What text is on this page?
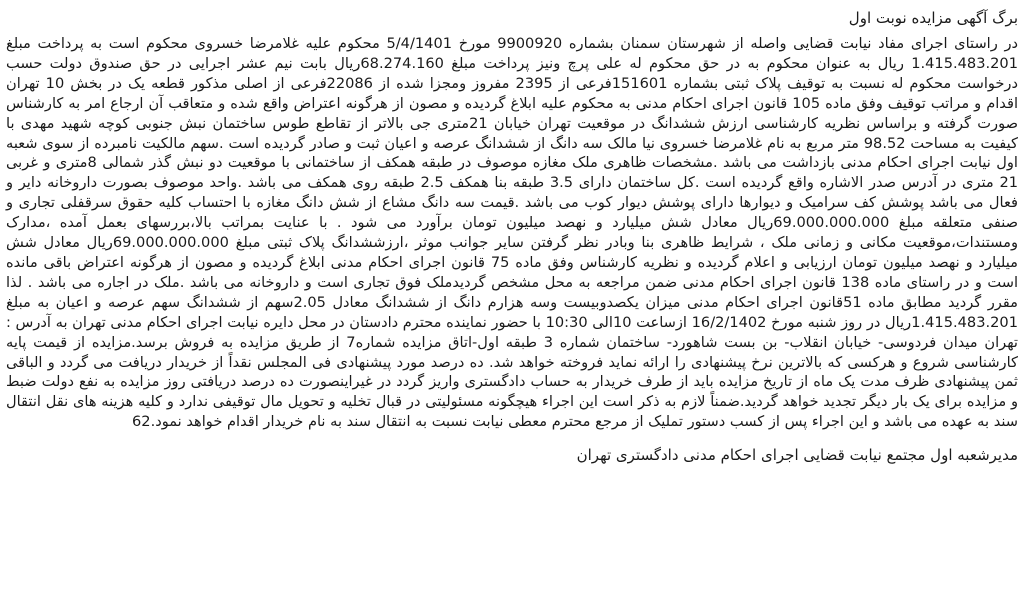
برگ آگهی مزایده نوبت اول

در راستای اجرای مفاد نیابت قضایی واصله از شهرستان سمنان بشماره 9900920 مورخ 5/4/1401 محکوم علیه غلامرضا خسروی محکوم است به پرداخت مبلغ 1.415.483.201 ریال به عنوان محکوم به در حق محکوم له علی پرچ ونیز پرداخت مبلغ 68.274.160ریال بابت نیم عشر اجرایی در حق صندوق دولت حسب درخواست محکوم له نسبت به توقیف پلاک ثبتی بشماره 151601فرعی از 2395 مفروز ومجزا شده از 22086فرعی از اصلی مذکور قطعه یک در بخش 10 تهران اقدام و مراتب توقیف وفق ماده 105 قانون اجرای احکام مدنی به محکوم علیه ابلاغ گردیده و مصون از هرگونه اعتراض واقع شده و متعاقب آن ارجاع امر به کارشناس صورت گرفته و براساس نظریه کارشناسی ارزش ششدانگ در موقعیت تهران خیابان 21متری جی بالاتر از تقاطع طوس ساختمان نبش جنوبی کوچه شهید مهدی با کیفیت به مساحت 98.52 متر مربع به نام غلامرضا خسروی نیا مالک سه دانگ از ششدانگ عرصه و اعیان ثبت و صادر گردیده است .سهم مالکیت نامبرده از سوی شعبه اول نیابت اجرای احکام مدنی بازداشت می باشد .مشخصات ظاهری ملک مغازه موصوف در طبقه همکف از ساختمانی با موقعیت دو نبش گذر شمالی 8متری و غربی 21 متری در آدرس صدر الاشاره واقع گردیده است .کل ساختمان دارای 3.5 طبقه بنا همکف 2.5 طبقه روی همکف می باشد .واحد موصوف بصورت داروخانه دایر و فعال می باشد پوشش کف سرامیک و دیوارها دارای پوشش دیوار کوب می باشد .قیمت سه دانگ مشاع از شش دانگ مغازه با احتساب کلیه حقوق سرقفلی تجاری و صنفی متعلقه مبلغ 69.000.000.000ریال معادل شش میلیارد و نهصد میلیون تومان برآورد می شود . با عنایت بمراتب بالا،بررسهای بعمل آمده ،مدارک ومستندات،موقعیت مکانی و زمانی ملک ، شرایط ظاهری بنا وبادر نظر گرفتن سایر جوانب موثر ،ارزششدانگ پلاک ثبتی مبلغ 69.000.000.000ریال معادل شش میلیارد و نهصد میلیون تومان ارزیابی و اعلام گردیده و نظریه کارشناس وفق ماده 75 قانون اجرای احکام مدنی ابلاغ گردیده و مصون از هرگونه اعتراض باقی مانده است و در راستای ماده 138 قانون اجرای احکام مدنی ضمن مراجعه به محل مشخص گردیدملک فوق تجاری است و داروخانه می باشد .ملک در اجاره می باشد . لذا مقرر گردید مطابق ماده 51قانون اجرای احکام مدنی میزان یکصدوبیست وسه هزارم دانگ از ششدانگ معادل 2.05سهم از ششدانگ سهم عرصه و اعیان به مبلغ 1.415.483.201ریال در روز شنبه مورخ 16/2/1402 ازساعت 10الی 10:30 با حضور نماینده محترم دادستان در محل دایره نیابت اجرای احکام مدنی تهران به آدرس : تهران میدان فردوسی- خیابان انقلاب- بن بست شاهورد- ساختمان شماره 3 طبقه اول-اتاق مزایده شماره7 از طریق مزایده به فروش برسد.مزایده از قیمت پایه کارشناسی شروع و هرکسی که بالاترین نرخ پیشنهادی را ارائه نماید فروخته خواهد شد. ده درصد مورد پیشنهادی فی المجلس نقداً از خریدار دریافت می گردد و الباقی ثمن پیشنهادی ظرف مدت یک ماه از تاریخ مزایده باید از طرف خریدار به حساب دادگستری واریز گردد در غیراینصورت ده درصد دریافتی روز مزایده به نفع دولت ضبط و مزایده برای یک بار دیگر تجدید خواهد گردید.ضمناً لازم به ذکر است این اجراء هیچگونه مسئولیتی در قبال تخلیه و تحویل مال توقیفی ندارد و کلیه هزینه های نقل انتقال سند به عهده می باشد و این اجراء پس از کسب دستور تملیک از مرجع محترم معطی نیابت نسبت به انتقال سند به نام خریدار اقدام خواهد نمود.62

مدیرشعبه اول مجتمع نیابت قضایی اجرای احکام مدنی دادگستری تهران
